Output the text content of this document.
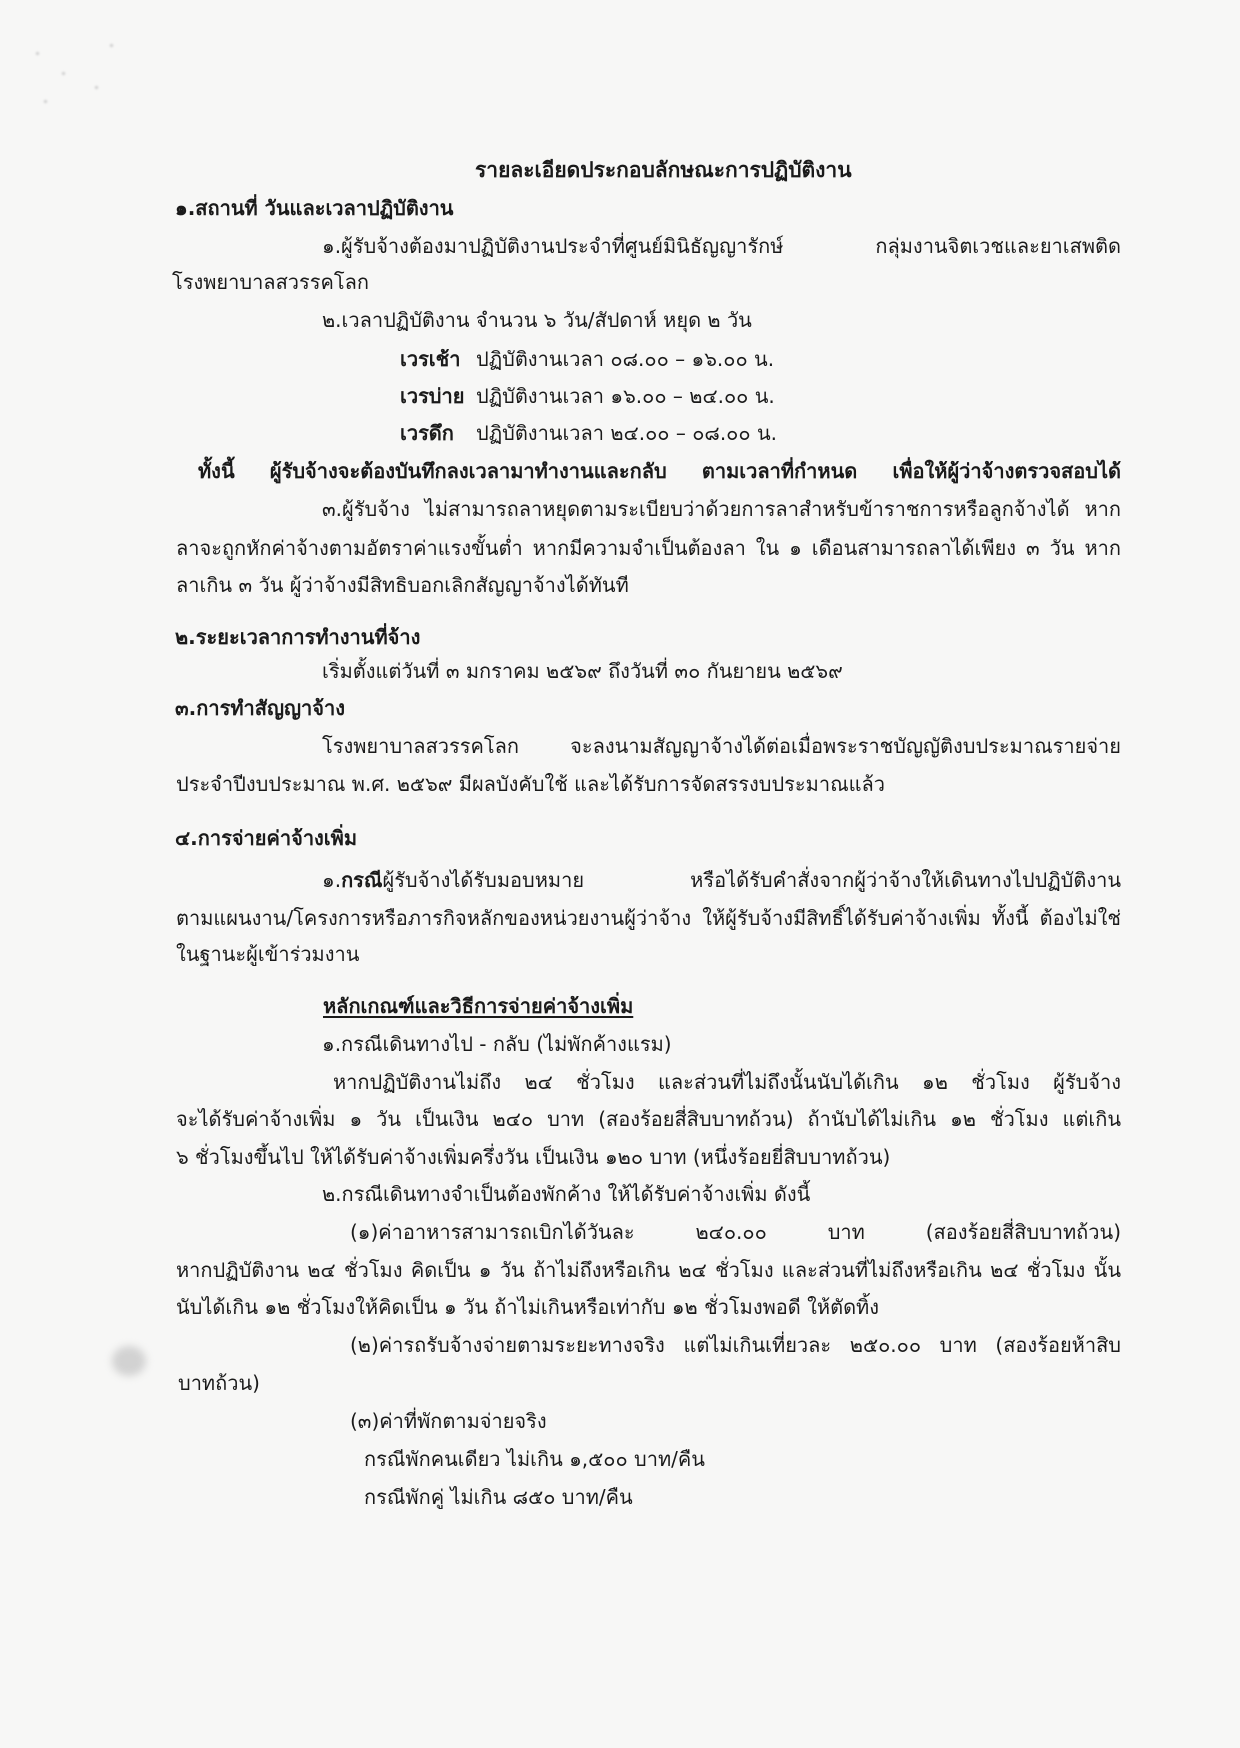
รายละเอียดประกอบลักษณะการปฏิบัติงาน
๑.สถานที่ วันและเวลาปฏิบัติงาน
๑.ผู้รับจ้างต้องมาปฏิบัติงานประจำที่ศูนย์มินิธัญญารักษ์ กลุ่มงานจิตเวชและยาเสพติด
โรงพยาบาลสวรรคโลก
๒.เวลาปฏิบัติงาน จำนวน ๖ วัน/สัปดาห์ หยุด ๒ วัน
เวรเช้า ปฏิบัติงานเวลา ๐๘.๐๐ – ๑๖.๐๐ น.
เวรบ่าย ปฏิบัติงานเวลา ๑๖.๐๐ – ๒๔.๐๐ น.
เวรดึก ปฏิบัติงานเวลา ๒๔.๐๐ – ๐๘.๐๐ น.
ทั้งนี้ ผู้รับจ้างจะต้องบันทึกลงเวลามาทำงานและกลับ ตามเวลาที่กำหนด เพื่อให้ผู้ว่าจ้างตรวจสอบได้
๓.ผู้รับจ้าง ไม่สามารถลาหยุดตามระเบียบว่าด้วยการลาสำหรับข้าราชการหรือลูกจ้างได้ หาก
ลาจะถูกหักค่าจ้างตามอัตราค่าแรงขั้นต่ำ หากมีความจำเป็นต้องลา ใน ๑ เดือนสามารถลาได้เพียง ๓ วัน หาก
ลาเกิน ๓ วัน ผู้ว่าจ้างมีสิทธิบอกเลิกสัญญาจ้างได้ทันที
๒.ระยะเวลาการทำงานที่จ้าง
เริ่มตั้งแต่วันที่ ๓ มกราคม ๒๕๖๙ ถึงวันที่ ๓๐ กันยายน ๒๕๖๙
๓.การทำสัญญาจ้าง
โรงพยาบาลสวรรคโลก จะลงนามสัญญาจ้างได้ต่อเมื่อพระราชบัญญัติงบประมาณรายจ่าย
ประจำปีงบประมาณ พ.ศ. ๒๕๖๙ มีผลบังคับใช้ และได้รับการจัดสรรงบประมาณแล้ว
๔.การจ่ายค่าจ้างเพิ่ม
๑. กรณี ผู้รับจ้างได้รับมอบหมาย หรือได้รับคำสั่งจากผู้ว่าจ้างให้เดินทางไปปฏิบัติงาน
ตามแผนงาน/โครงการหรือภารกิจหลักของหน่วยงานผู้ว่าจ้าง ให้ผู้รับจ้างมีสิทธิ์ได้รับค่าจ้างเพิ่ม ทั้งนี้ ต้องไม่ใช่
ในฐานะผู้เข้าร่วมงาน
หลักเกณฑ์และวิธีการจ่ายค่าจ้างเพิ่ม
๑.กรณีเดินทางไป - กลับ (ไม่พักค้างแรม)
หากปฏิบัติงานไม่ถึง ๒๔ ชั่วโมง และส่วนที่ไม่ถึงนั้นนับได้เกิน ๑๒ ชั่วโมง ผู้รับจ้าง
จะได้รับค่าจ้างเพิ่ม ๑ วัน เป็นเงิน ๒๔๐ บาท (สองร้อยสี่สิบบาทถ้วน) ถ้านับได้ไม่เกิน ๑๒ ชั่วโมง แต่เกิน
๖ ชั่วโมงขึ้นไป ให้ได้รับค่าจ้างเพิ่มครึ่งวัน เป็นเงิน ๑๒๐ บาท (หนึ่งร้อยยี่สิบบาทถ้วน)
๒.กรณีเดินทางจำเป็นต้องพักค้าง ให้ได้รับค่าจ้างเพิ่ม ดังนี้
(๑)ค่าอาหารสามารถเบิกได้วันละ ๒๔๐.๐๐ บาท (สองร้อยสี่สิบบาทถ้วน)
หากปฏิบัติงาน ๒๔ ชั่วโมง คิดเป็น ๑ วัน ถ้าไม่ถึงหรือเกิน ๒๔ ชั่วโมง และส่วนที่ไม่ถึงหรือเกิน ๒๔ ชั่วโมง นั้น
นับได้เกิน ๑๒ ชั่วโมงให้คิดเป็น ๑ วัน ถ้าไม่เกินหรือเท่ากับ ๑๒ ชั่วโมงพอดี ให้ตัดทิ้ง
(๒)ค่ารถรับจ้างจ่ายตามระยะทางจริง แต่ไม่เกินเที่ยวละ ๒๕๐.๐๐ บาท (สองร้อยห้าสิบ
บาทถ้วน)
(๓)ค่าที่พักตามจ่ายจริง
กรณีพักคนเดียว ไม่เกิน ๑,๕๐๐ บาท/คืน
กรณีพักคู่ ไม่เกิน ๘๕๐ บาท/คืน
